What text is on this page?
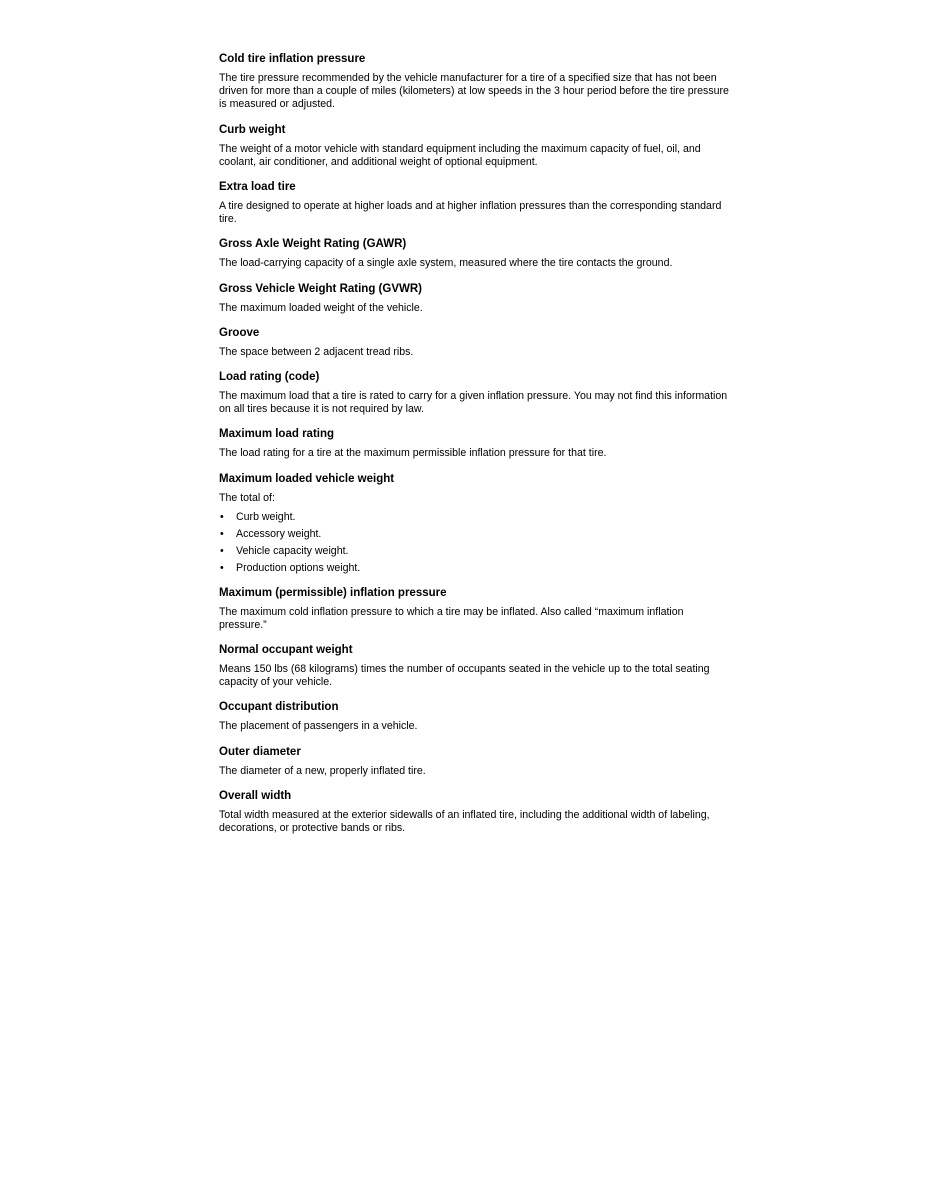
Cold tire inflation pressure

The tire pressure recommended by the vehicle manufacturer for a tire of a specified size that has not been driven for more than a couple of miles (kilometers) at low speeds in the 3 hour period before the tire pressure is measured or adjusted.

Curb weight

The weight of a motor vehicle with standard equipment including the maximum capacity of fuel, oil, and coolant, air conditioner, and additional weight of optional equipment.

Extra load tire

A tire designed to operate at higher loads and at higher inflation pressures than the corresponding standard tire.

Gross Axle Weight Rating (GAWR)

The load-carrying capacity of a single axle system, measured where the tire contacts the ground.

Gross Vehicle Weight Rating (GVWR)

The maximum loaded weight of the vehicle.

Groove

The space between 2 adjacent tread ribs.

Load rating (code)

The maximum load that a tire is rated to carry for a given inflation pressure. You may not find this information on all tires because it is not required by law.

Maximum load rating

The load rating for a tire at the maximum permissible inflation pressure for that tire.

Maximum loaded vehicle weight

The total of:

• Curb weight.
• Accessory weight.
• Vehicle capacity weight.
• Production options weight.
Maximum (permissible) inflation pressure

The maximum cold inflation pressure to which a tire may be inflated. Also called “maximum inflation pressure.”

Normal occupant weight

Means 150 lbs (68 kilograms) times the number of occupants seated in the vehicle up to the total seating capacity of your vehicle.

Occupant distribution

The placement of passengers in a vehicle.

Outer diameter

The diameter of a new, properly inflated tire.

Overall width

Total width measured at the exterior sidewalls of an inflated tire, including the additional width of labeling, decorations, or protective bands or ribs.
